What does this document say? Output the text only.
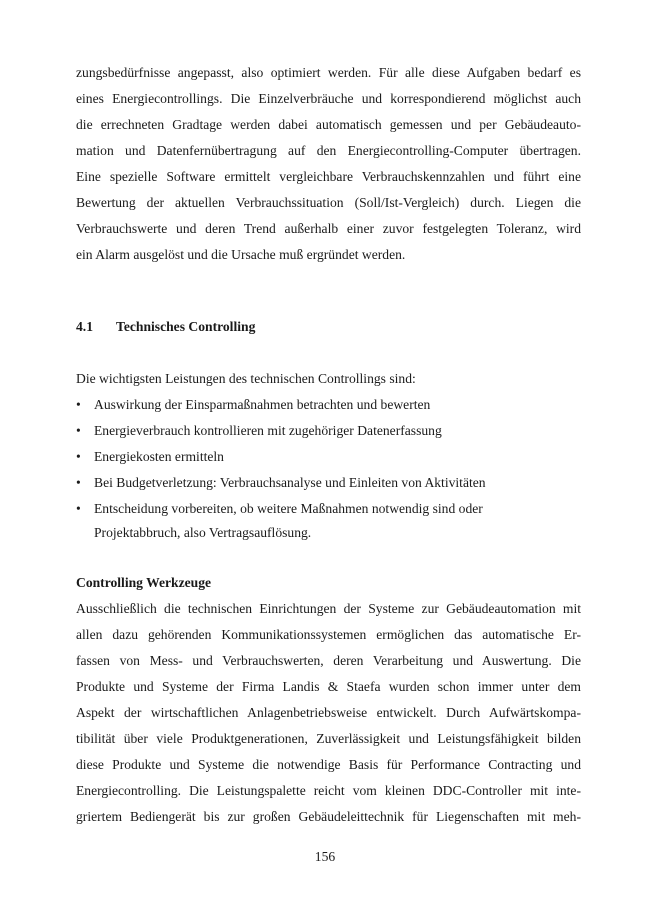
zungsbedürfnisse angepasst, also optimiert werden. Für alle diese Aufgaben bedarf es
eines Energiecontrollings. Die Einzelverbräuche und korrespondierend möglichst auch
die errechneten Gradtage werden dabei automatisch gemessen und per Gebäudeauto-
mation und Datenfernübertragung auf den Energiecontrolling-Computer übertragen.
Eine spezielle Software ermittelt vergleichbare Verbrauchskennzahlen und führt eine
Bewertung der aktuellen Verbrauchssituation (Soll/Ist-Vergleich) durch. Liegen die
Verbrauchswerte und deren Trend außerhalb einer zuvor festgelegten Toleranz, wird
ein Alarm ausgelöst und die Ursache muß ergründet werden.
4.1 Technisches Controlling
Die wichtigsten Leistungen des technischen Controllings sind:
• Auswirkung der Einsparmaßnahmen betrachten und bewerten
• Energieverbrauch kontrollieren mit zugehöriger Datenerfassung
• Energiekosten ermitteln
• Bei Budgetverletzung: Verbrauchsanalyse und Einleiten von Aktivitäten
• Entscheidung vorbereiten, ob weitere Maßnahmen notwendig sind oder
Projektabbruch, also Vertragsauflösung.
Controlling Werkzeuge
Ausschließlich die technischen Einrichtungen der Systeme zur Gebäudeautomation mit
allen dazu gehörenden Kommunikationssystemen ermöglichen das automatische Er-
fassen von Mess- und Verbrauchswerten, deren Verarbeitung und Auswertung. Die
Produkte und Systeme der Firma Landis & Staefa wurden schon immer unter dem
Aspekt der wirtschaftlichen Anlagenbetriebsweise entwickelt. Durch Aufwärtskompa-
tibilität über viele Produktgenerationen, Zuverlässigkeit und Leistungsfähigkeit bilden
diese Produkte und Systeme die notwendige Basis für Performance Contracting und
Energiecontrolling. Die Leistungspalette reicht vom kleinen DDC-Controller mit inte-
griertem Bediengerät bis zur großen Gebäudeleittechnik für Liegenschaften mit meh-
156
